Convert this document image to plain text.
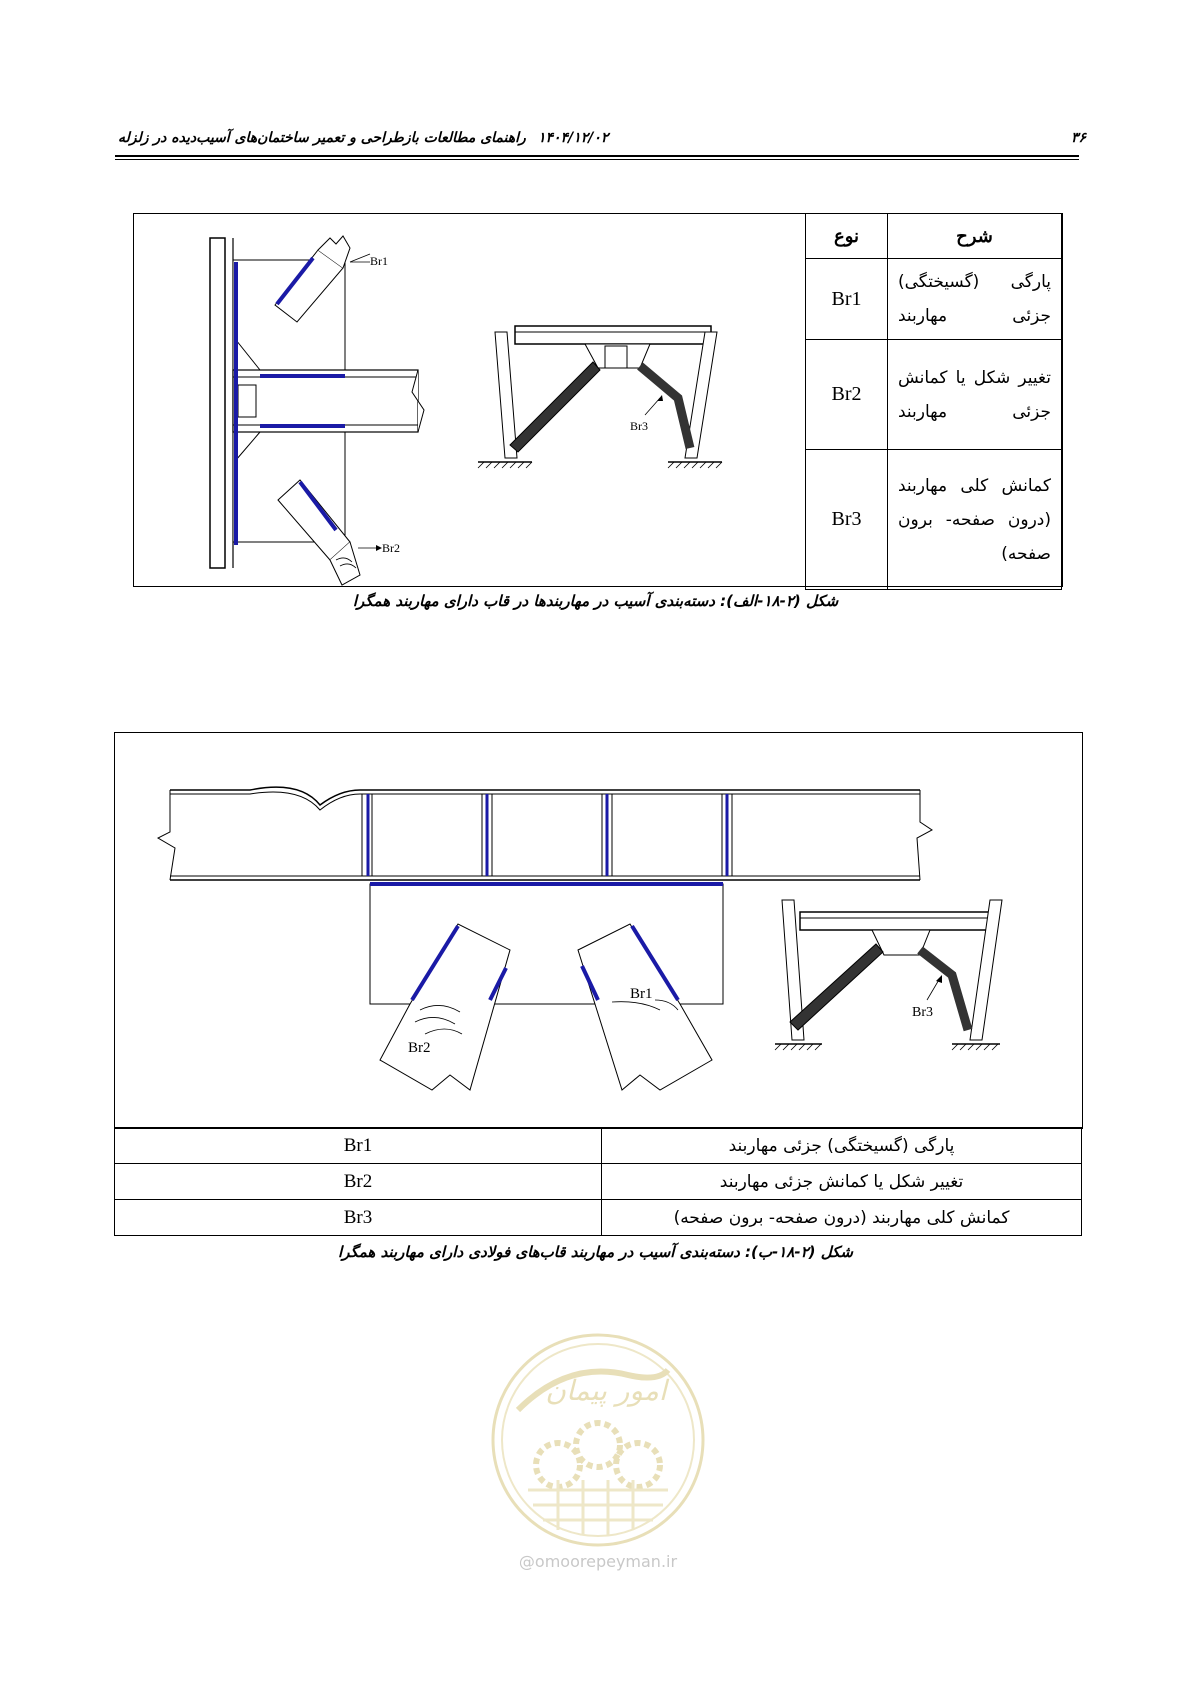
۳۶
۱۴۰۴/۱۲/۰۲
راهنمای مطالعات بازطراحی و تعمیر ساختمان‌های آسیب‌دیده در زلزله
Br1
Br2
Br3
شرح	نوع
پارگی (گسیختگی) جزئی مهاربند	Br1
تغییر شکل یا کمانش جزئی مهاربند	Br2
کمانش کلی مهاربند (درون صفحه- برون صفحه)	Br3
شکل (۲-۱۸-الف): دسته‌بندی آسیب در مهاربندها در قاب دارای مهاربند همگرا
Br2
Br1
Br3
Br1	پارگی (گسیختگی) جزئی مهاربند
Br2	تغییر شکل یا کمانش جزئی مهاربند
Br3	کمانش کلی مهاربند (درون صفحه- برون صفحه)
شکل (۲-۱۸-ب): دسته‌بندی آسیب در مهاربند قاب‌های فولادی دارای مهاربند همگرا
امور پیمان
@omoorepeyman.ir
